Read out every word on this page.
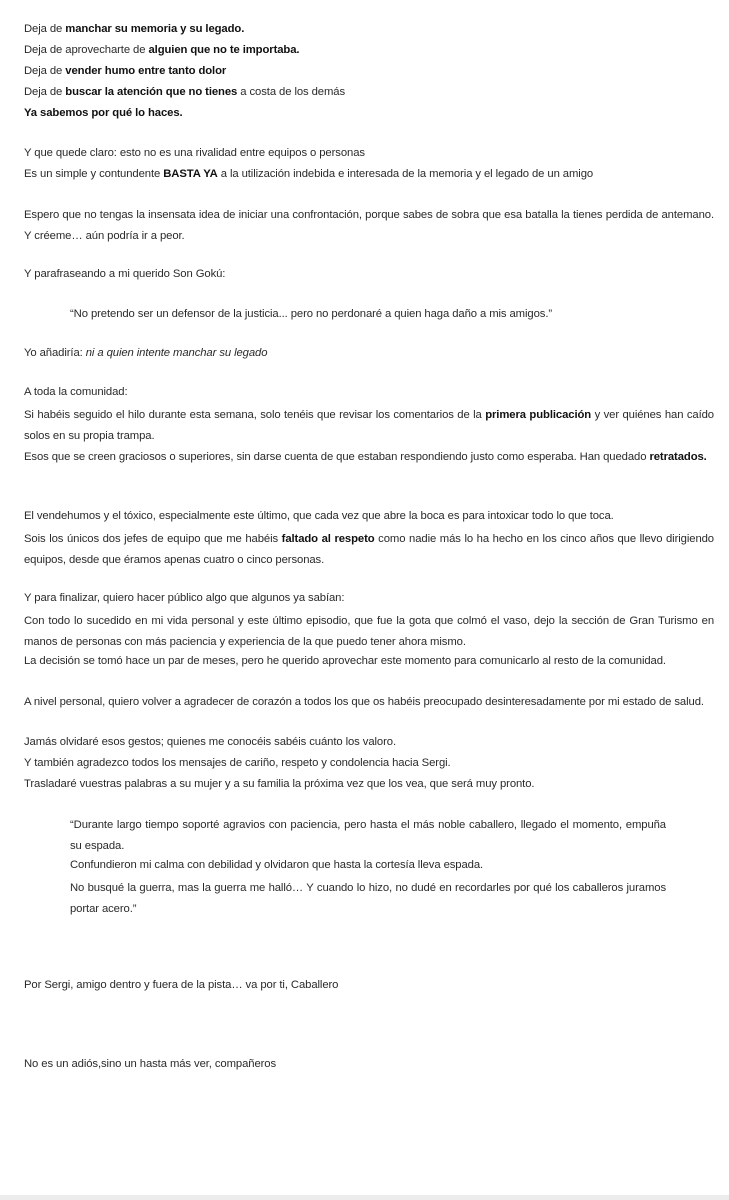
Deja de manchar su memoria y su legado.
Deja de aprovecharte de alguien que no te importaba.
Deja de vender humo entre tanto dolor
Deja de buscar la atención que no tienes a costa de los demás
Ya sabemos por qué lo haces.
Y que quede claro: esto no es una rivalidad entre equipos o personas
Es un simple y contundente BASTA YA a la utilización indebida e interesada de la memoria y el legado de un amigo
Espero que no tengas la insensata idea de iniciar una confrontación, porque sabes de sobra que esa batalla la tienes perdida de antemano. Y créeme… aún podría ir a peor.
Y parafraseando a mi querido Son Gokú:
“No pretendo ser un defensor de la justicia... pero no perdonaré a quien haga daño a mis amigos.”
Yo añadiría: ni a quien intente manchar su legado
A toda la comunidad:
Si habéis seguido el hilo durante esta semana, solo tenéis que revisar los comentarios de la primera publicación y ver quiénes han caído solos en su propia trampa.
Esos que se creen graciosos o superiores, sin darse cuenta de que estaban respondiendo justo como esperaba. Han quedado retratados.
El vendehumos y el tóxico, especialmente este último, que cada vez que abre la boca es para intoxicar todo lo que toca.
Sois los únicos dos jefes de equipo que me habéis faltado al respeto como nadie más lo ha hecho en los cinco años que llevo dirigiendo equipos, desde que éramos apenas cuatro o cinco personas.
Y para finalizar, quiero hacer público algo que algunos ya sabían:
Con todo lo sucedido en mi vida personal y este último episodio, que fue la gota que colmó el vaso, dejo la sección de Gran Turismo en manos de personas con más paciencia y experiencia de la que puedo tener ahora mismo.
La decisión se tomó hace un par de meses, pero he querido aprovechar este momento para comunicarlo al resto de la comunidad.
A nivel personal, quiero volver a agradecer de corazón a todos los que os habéis preocupado desinteresadamente por mi estado de salud.
Jamás olvidaré esos gestos; quienes me conocéis sabéis cuánto los valoro.
Y también agradezco todos los mensajes de cariño, respeto y condolencia hacia Sergi.
Trasladaré vuestras palabras a su mujer y a su familia la próxima vez que los vea, que será muy pronto.
“Durante largo tiempo soporté agravios con paciencia, pero hasta el más noble caballero, llegado el momento, empuña su espada.
Confundieron mi calma con debilidad y olvidaron que hasta la cortesía lleva espada.
No busqué la guerra, mas la guerra me halló… Y cuando lo hizo, no dudé en recordarles por qué los caballeros juramos portar acero.”
Por Sergi, amigo dentro y fuera de la pista… va por ti, Caballero
No es un adiós,sino un hasta más ver, compañeros
